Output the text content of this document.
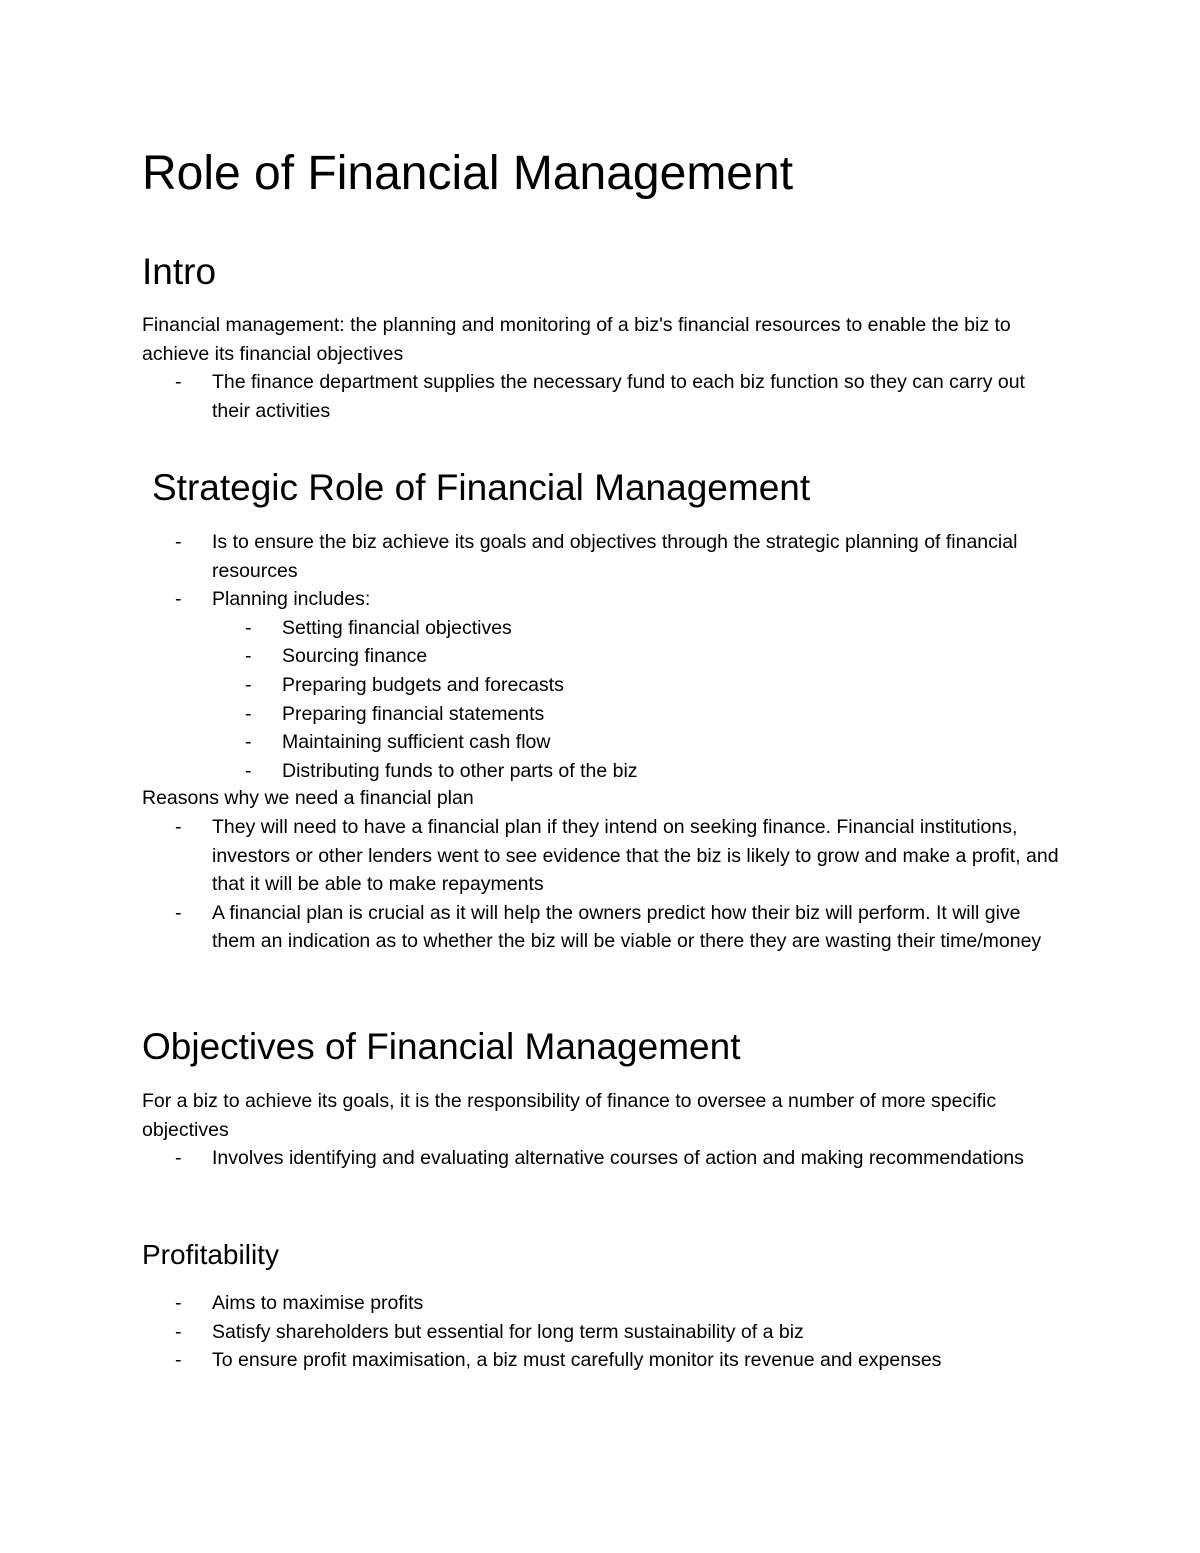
Role of Financial Management
Intro

Financial management: the planning and monitoring of a biz's financial resources to enable the biz to achieve its financial objectives

- The finance department supplies the necessary fund to each biz function so they can carry out their activities
Strategic Role of Financial Management
- Is to ensure the biz achieve its goals and objectives through the strategic planning of financial resources
- Planning includes:
- Setting financial objectives
- Sourcing finance
- Preparing budgets and forecasts
- Preparing financial statements
- Maintaining sufficient cash flow
- Distributing funds to other parts of the biz

Reasons why we need a financial plan

- They will need to have a financial plan if they intend on seeking finance. Financial institutions, investors or other lenders went to see evidence that the biz is likely to grow and make a profit, and that it will be able to make repayments
- A financial plan is crucial as it will help the owners predict how their biz will perform. It will give them an indication as to whether the biz will be viable or there they are wasting their time/money
Objectives of Financial Management

For a biz to achieve its goals, it is the responsibility of finance to oversee a number of more specific objectives

- Involves identifying and evaluating alternative courses of action and making recommendations
Profitability
- Aims to maximise profits
- Satisfy shareholders but essential for long term sustainability of a biz
- To ensure profit maximisation, a biz must carefully monitor its revenue and expenses
